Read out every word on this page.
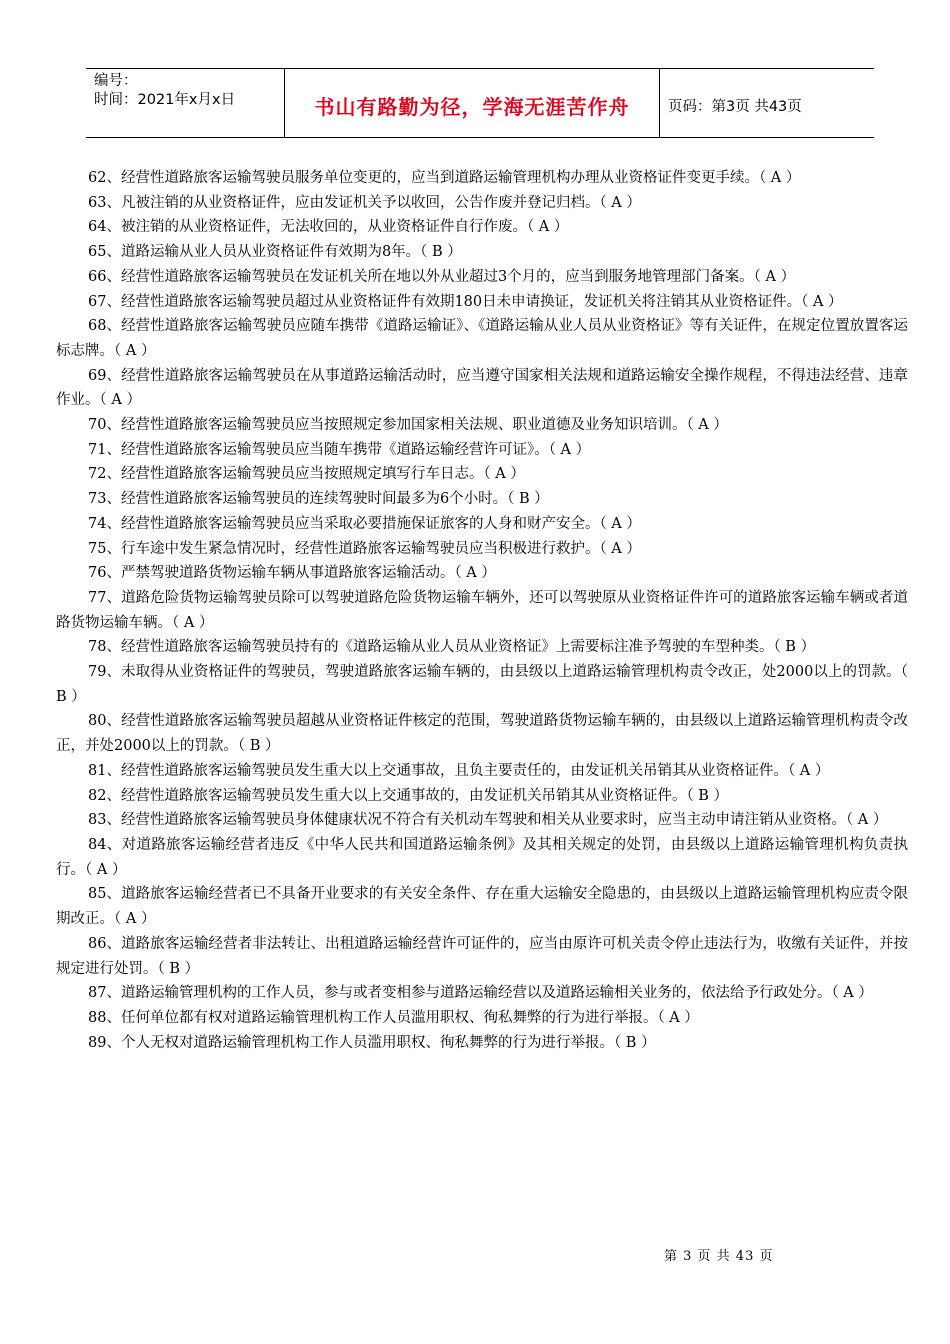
编号：
时间：2021年x月x日	书山有路勤为径，学海无涯苦作舟	页码：第3页 共43页

62、经营性道路旅客运输驾驶员服务单位变更的，应当到道路运输管理机构办理从业资格证件变更手续。（ A ）

63、凡被注销的从业资格证件，应由发证机关予以收回，公告作废并登记归档。（ A ）

64、被注销的从业资格证件，无法收回的，从业资格证件自行作废。（ A ）

65、道路运输从业人员从业资格证件有效期为8年。（ B ）

66、经营性道路旅客运输驾驶员在发证机关所在地以外从业超过3个月的，应当到服务地管理部门备案。（ A ）

67、经营性道路旅客运输驾驶员超过从业资格证件有效期180日未申请换证，发证机关将注销其从业资格证件。（ A ）

68、经营性道路旅客运输驾驶员应随车携带《道路运输证》、《道路运输从业人员从业资格证》等有关证件，在规定位置放置客运标志牌。（ A ）

69、经营性道路旅客运输驾驶员在从事道路运输活动时，应当遵守国家相关法规和道路运输安全操作规程，不得违法经营、违章作业。（ A ）

70、经营性道路旅客运输驾驶员应当按照规定参加国家相关法规、职业道德及业务知识培训。（ A ）

71、经营性道路旅客运输驾驶员应当随车携带《道路运输经营许可证》。（ A ）

72、经营性道路旅客运输驾驶员应当按照规定填写行车日志。（ A ）

73、经营性道路旅客运输驾驶员的连续驾驶时间最多为6个小时。（ B ）

74、经营性道路旅客运输驾驶员应当采取必要措施保证旅客的人身和财产安全。（ A ）

75、行车途中发生紧急情况时，经营性道路旅客运输驾驶员应当积极进行救护。（ A ）

76、严禁驾驶道路货物运输车辆从事道路旅客运输活动。（ A ）

77、道路危险货物运输驾驶员除可以驾驶道路危险货物运输车辆外，还可以驾驶原从业资格证件许可的道路旅客运输车辆或者道路货物运输车辆。（ A ）

78、经营性道路旅客运输驾驶员持有的《道路运输从业人员从业资格证》上需要标注准予驾驶的车型种类。（ B ）

79、未取得从业资格证件的驾驶员，驾驶道路旅客运输车辆的，由县级以上道路运输管理机构责令改正，处2000以上的罚款。（ B ）

80、经营性道路旅客运输驾驶员超越从业资格证件核定的范围，驾驶道路货物运输车辆的，由县级以上道路运输管理机构责令改正，并处2000以上的罚款。（ B ）

81、经营性道路旅客运输驾驶员发生重大以上交通事故，且负主要责任的，由发证机关吊销其从业资格证件。（ A ）

82、经营性道路旅客运输驾驶员发生重大以上交通事故的，由发证机关吊销其从业资格证件。（ B ）

83、经营性道路旅客运输驾驶员身体健康状况不符合有关机动车驾驶和相关从业要求时，应当主动申请注销从业资格。（ A ）

84、对道路旅客运输经营者违反《中华人民共和国道路运输条例》及其相关规定的处罚，由县级以上道路运输管理机构负责执行。（ A ）

85、道路旅客运输经营者已不具备开业要求的有关安全条件、存在重大运输安全隐患的，由县级以上道路运输管理机构应责令限期改正。（ A ）

86、道路旅客运输经营者非法转让、出租道路运输经营许可证件的，应当由原许可机关责令停止违法行为，收缴有关证件，并按规定进行处罚。（ B ）

87、道路运输管理机构的工作人员，参与或者变相参与道路运输经营以及道路运输相关业务的，依法给予行政处分。（ A ）

88、任何单位都有权对道路运输管理机构工作人员滥用职权、徇私舞弊的行为进行举报。（ A ）

89、个人无权对道路运输管理机构工作人员滥用职权、徇私舞弊的行为进行举报。（ B ）

第 3 页 共 43 页
